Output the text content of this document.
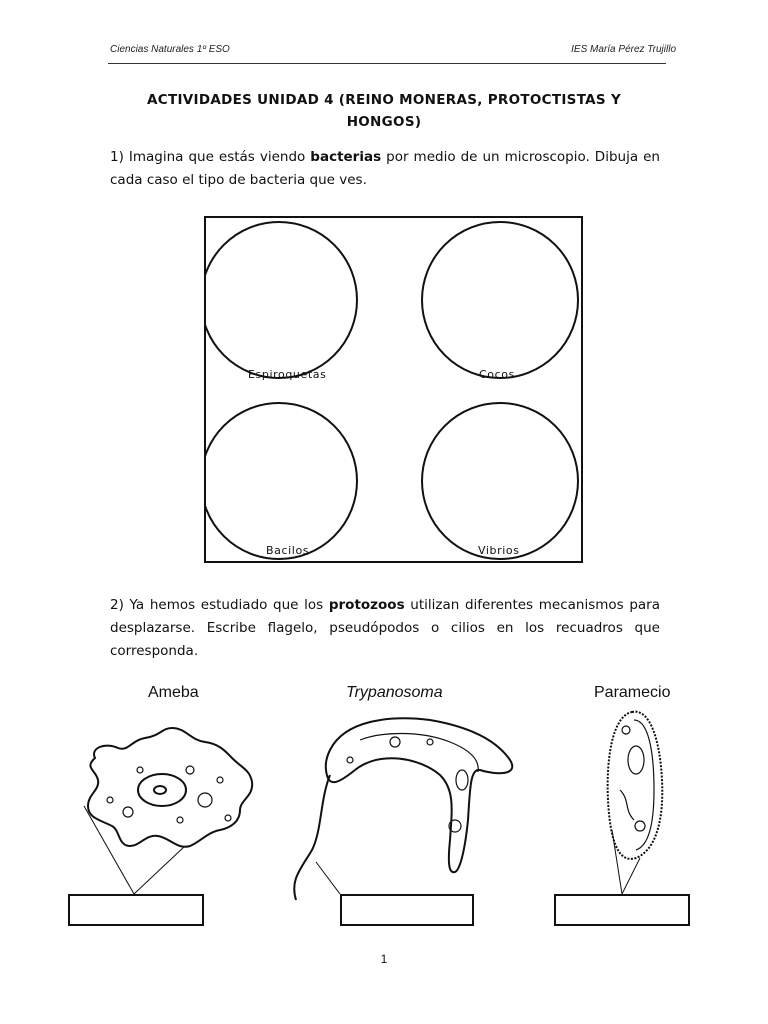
Ciencias Naturales 1º ESO	IES María Pérez Trujillo
ACTIVIDADES UNIDAD 4 (REINO MONERAS, PROTOCTISTAS Y
HONGOS)
1) Imagina que estás viendo bacterias por medio de un microscopio. Dibuja en cada caso el tipo de bacteria que ves.
Espiroquetas	Cocos
Bacilos	Vibrios
2) Ya hemos estudiado que los protozoos utilizan diferentes mecanismos para desplazarse. Escribe flagelo, pseudópodos o cilios en los recuadros que corresponda.
Ameba	Trypanosoma	Paramecio
1
